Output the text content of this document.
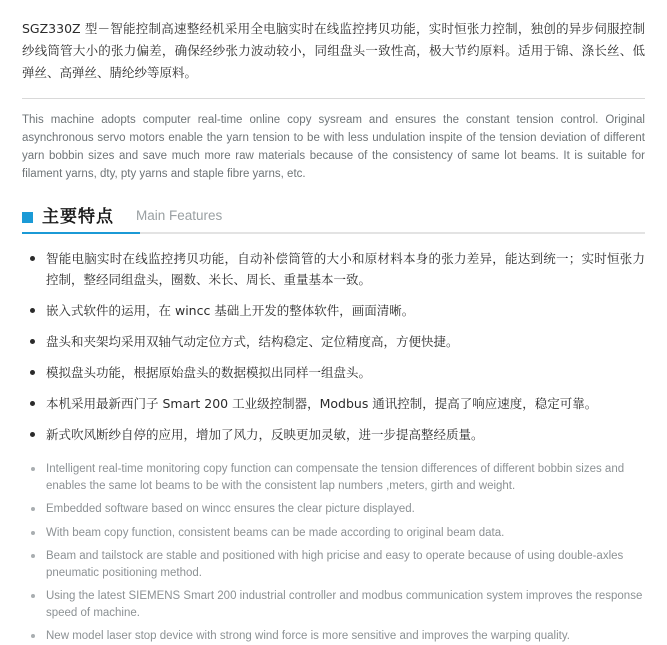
SGZ330Z 型－智能控制高速整经机采用全电脑实时在线监控拷贝功能，实时恒张力控制，独创的异步伺服控制纱线筒管大小的张力偏差，确保经纱张力波动较小，同组盘头一致性高，极大节约原料。适用于锦、涤长丝、低弹丝、高弹丝、腈纶纱等原料。

This machine adopts computer real-time online copy sysream and ensures the constant tension control. Original asynchronous servo motors enable the yarn tension to be with less undulation inspite of the tension deviation of different yarn bobbin sizes and save much more raw materials because of the consistency of same lot beams. It is suitable for filament yarns, dty, pty yarns and staple fibre yarns, etc.

主要特点 Main Features
智能电脑实时在线监控拷贝功能，自动补偿筒管的大小和原材料本身的张力差异，能达到统一；实时恒张力控制，整经同组盘头，圈数、米长、周长、重量基本一致。
嵌入式软件的运用，在 wincc 基础上开发的整体软件，画面清晰。
盘头和夹架均采用双轴气动定位方式，结构稳定、定位精度高，方便快捷。
模拟盘头功能，根据原始盘头的数据模拟出同样一组盘头。
本机采用最新西门子 Smart 200 工业级控制器，Modbus 通讯控制，提高了响应速度，稳定可靠。
新式吹风断纱自停的应用，增加了风力，反映更加灵敏，进一步提高整经质量。
Intelligent real-time monitoring copy function can compensate the tension differences of different bobbin sizes and enables the same lot beams to be with the consistent lap numbers ,meters, girth and weight.
Embedded software based on wincc ensures the clear picture displayed.
With beam copy function, consistent beams can be made according to original beam data.
Beam and tailstock are stable and positioned with high pricise and easy to operate because of using double-axles pneumatic positioning method.
Using the latest SIEMENS Smart 200 industrial controller and modbus communication system improves the response speed of machine.
New model laser stop device with strong wind force is more sensitive and improves the warping quality.
